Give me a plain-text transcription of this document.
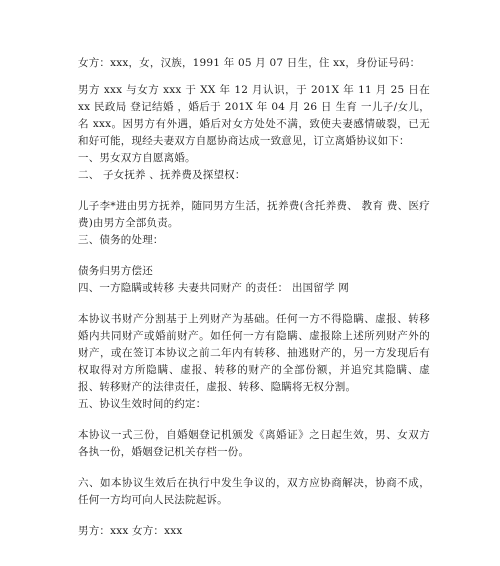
女方：xxx，女，汉族，1991 年 05 月 07 日生，住 xx，身份证号码：

男方 xxx 与女方 xxx 于 XX 年 12 月认识，于 201X 年 11 月 25 日在 xx 民政局 登记结婚 ，婚后于 201X 年 04 月 26 日 生育 一儿子/女儿，名 xxx。因男方有外遇，婚后对女方处处不满，致使夫妻感情破裂，已无和好可能，现经夫妻双方自愿协商达成一致意见，订立离婚协议如下：

一、男女双方自愿离婚。

二、 子女抚养 、抚养费及探望权：

儿子李*进由男方抚养，随同男方生活，抚养费(含托养费、 教育 费、医疗费)由男方全部负责。

三、债务的处理：

债务归男方偿还

四、一方隐瞒或转移 夫妻共同财产 的责任： 出国留学 网

本协议书财产分割基于上列财产为基础。任何一方不得隐瞒、虚报、转移婚内共同财产或婚前财产。如任何一方有隐瞒、虚报除上述所列财产外的财产，或在签订本协议之前二年内有转移、抽逃财产的，另一方发现后有权取得对方所隐瞒、虚报、转移的财产的全部份额，并追究其隐瞒、虚报、转移财产的法律责任，虚报、转移、隐瞒将无权分割。

五、协议生效时间的约定：

本协议一式三份，自婚姻登记机颁发《离婚证》之日起生效，男、女双方各执一份，婚姻登记机关存档一份。

六、如本协议生效后在执行中发生争议的，双方应协商解决，协商不成，任何一方均可向人民法院起诉。

男方：xxx 女方：xxx
